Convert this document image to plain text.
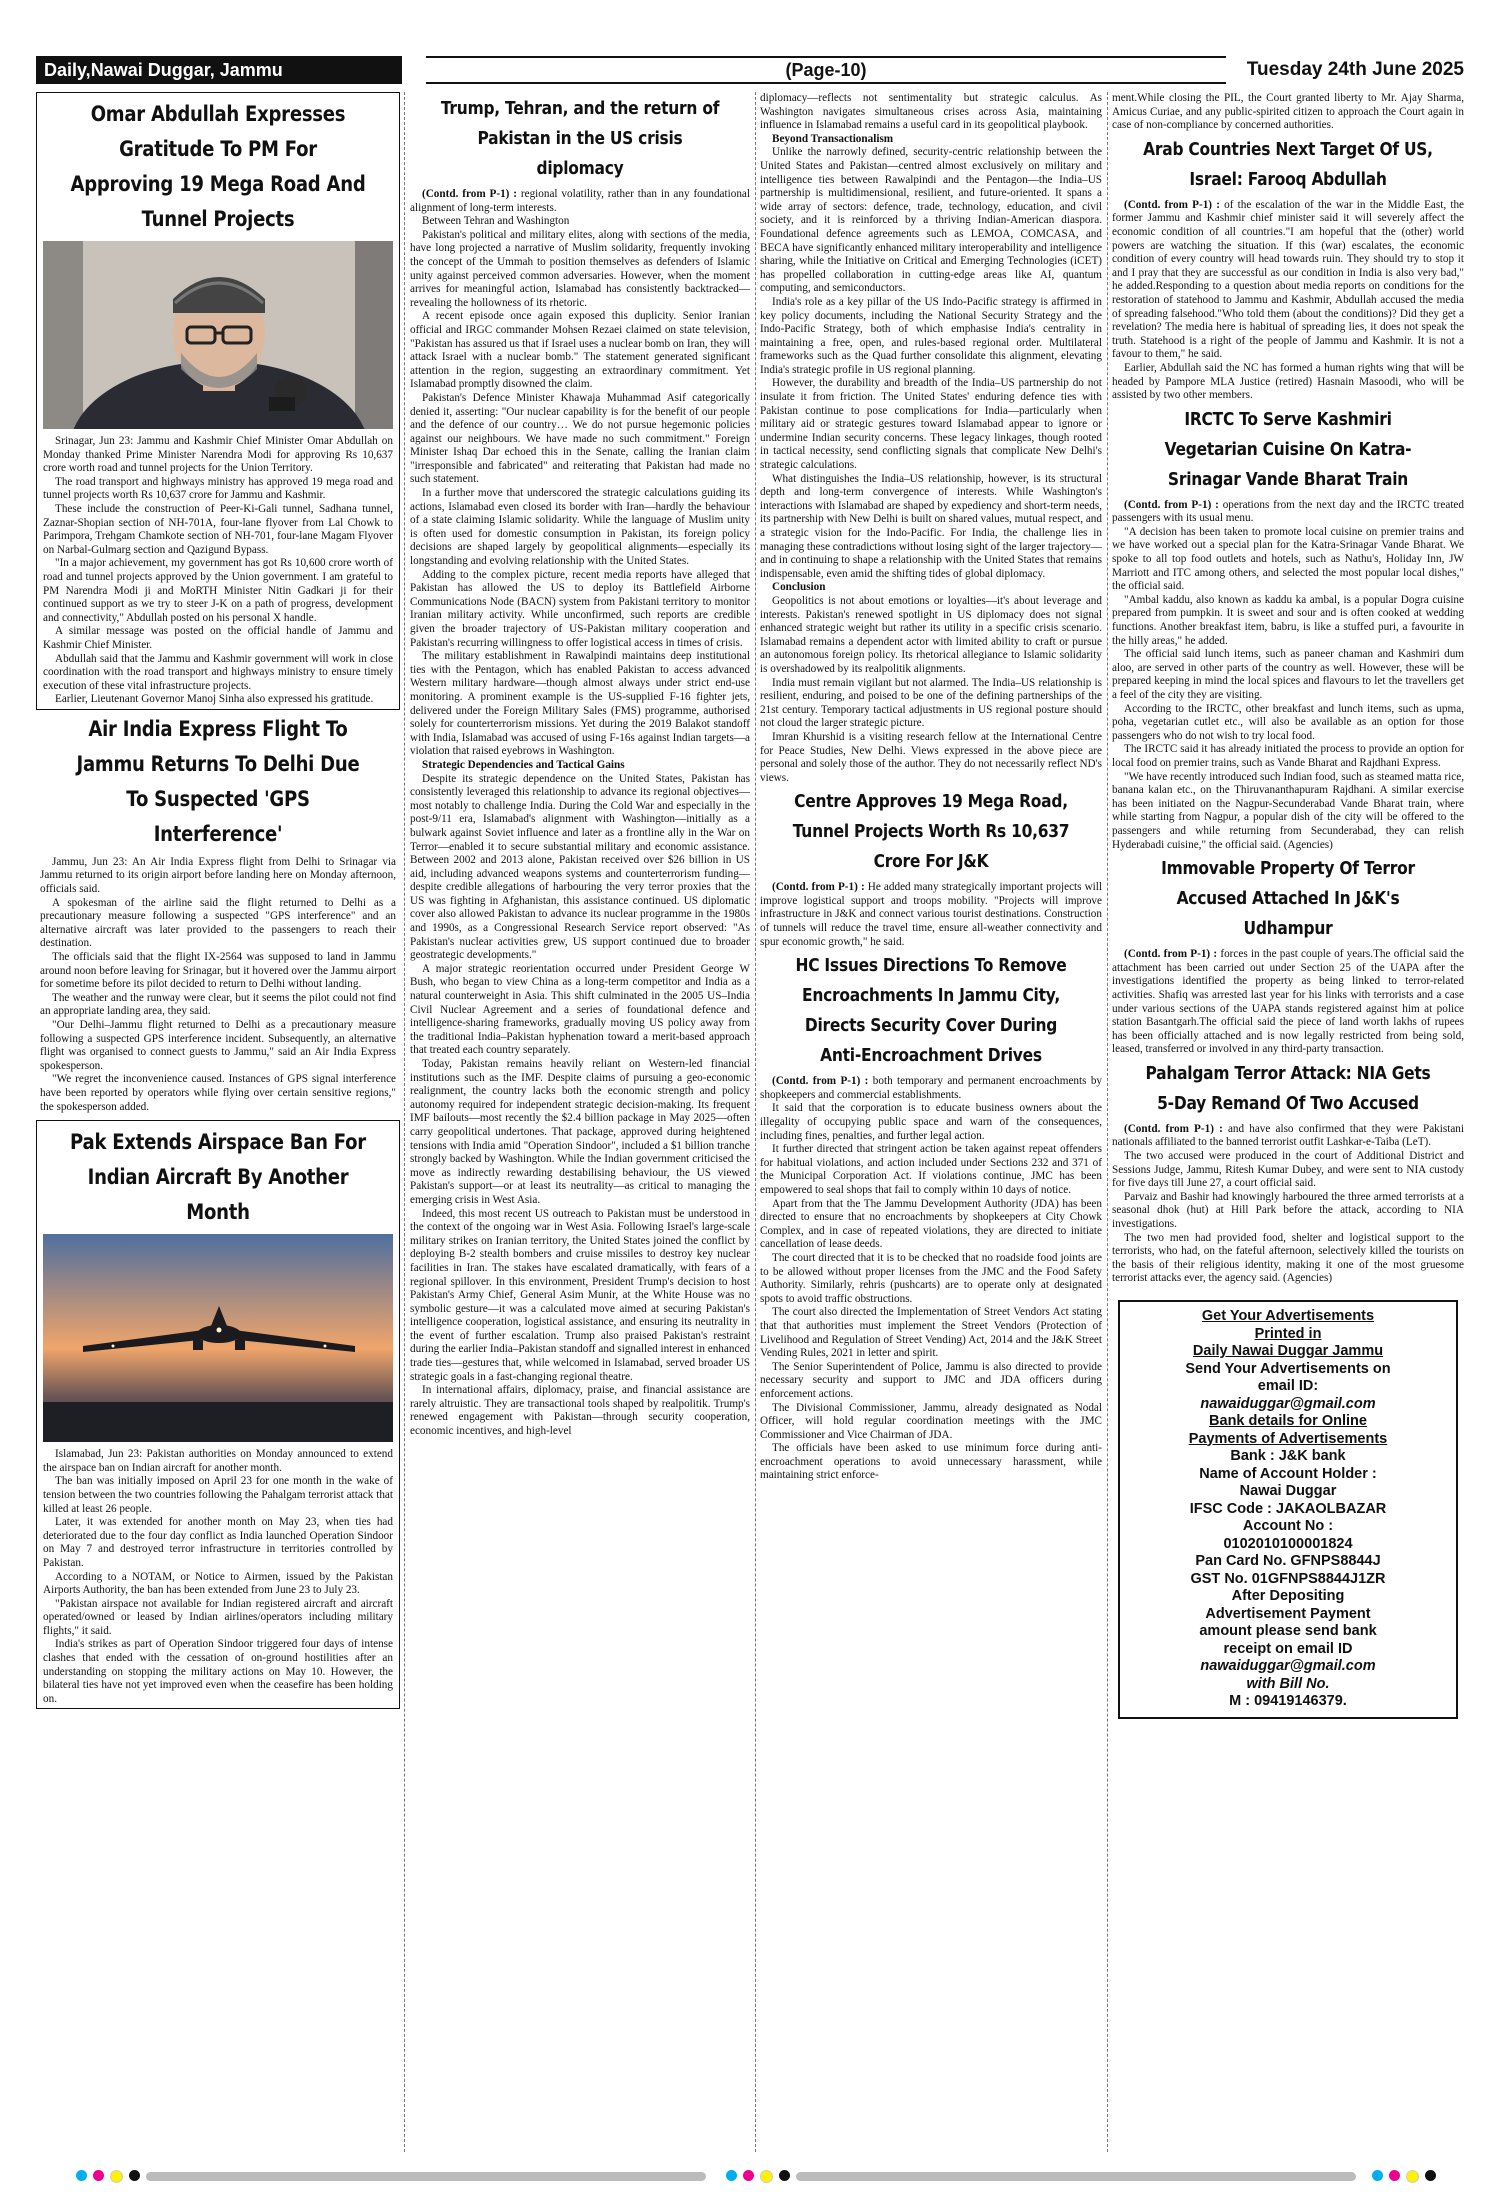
Daily,Nawai Duggar, Jammu	(Page-10)	Tuesday 24th June 2025
Omar Abdullah Expresses Gratitude To PM For Approving 19 Mega Road And Tunnel Projects

Srinagar, Jun 23: Jammu and Kashmir Chief Minister Omar Abdullah on Monday thanked Prime Minister Narendra Modi for approving Rs 10,637 crore worth road and tunnel projects for the Union Territory.

The road transport and highways ministry has approved 19 mega road and tunnel projects worth Rs 10,637 crore for Jammu and Kashmir.

These include the construction of Peer-Ki-Gali tunnel, Sadhana tunnel, Zaznar-Shopian section of NH-701A, four-lane flyover from Lal Chowk to Parimpora, Trehgam Chamkote section of NH-701, four-lane Magam Flyover on Narbal-Gulmarg section and Qazigund Bypass.

"In a major achievement, my government has got Rs 10,600 crore worth of road and tunnel projects approved by the Union government. I am grateful to PM Narendra Modi ji and MoRTH Minister Nitin Gadkari ji for their continued support as we try to steer J-K on a path of progress, development and connectivity," Abdullah posted on his personal X handle.

A similar message was posted on the official handle of Jammu and Kashmir Chief Minister.

Abdullah said that the Jammu and Kashmir government will work in close coordination with the road transport and highways ministry to ensure timely execution of these vital infrastructure projects.

Earlier, Lieutenant Governor Manoj Sinha also expressed his gratitude.

Air India Express Flight To Jammu Returns To Delhi Due To Suspected 'GPS Interference'

Jammu, Jun 23: An Air India Express flight from Delhi to Srinagar via Jammu returned to its origin airport before landing here on Monday afternoon, officials said.

A spokesman of the airline said the flight returned to Delhi as a precautionary measure following a suspected "GPS interference" and an alternative aircraft was later provided to the passengers to reach their destination.

The officials said that the flight IX-2564 was supposed to land in Jammu around noon before leaving for Srinagar, but it hovered over the Jammu airport for sometime before its pilot decided to return to Delhi without landing.

The weather and the runway were clear, but it seems the pilot could not find an appropriate landing area, they said.

"Our Delhi–Jammu flight returned to Delhi as a precautionary measure following a suspected GPS interference incident. Subsequently, an alternative flight was organised to connect guests to Jammu," said an Air India Express spokesperson.

"We regret the inconvenience caused. Instances of GPS signal interference have been reported by operators while flying over certain sensitive regions," the spokesperson added.

Pak Extends Airspace Ban For Indian Aircraft By Another Month

Islamabad, Jun 23: Pakistan authorities on Monday announced to extend the airspace ban on Indian aircraft for another month.

The ban was initially imposed on April 23 for one month in the wake of tension between the two countries following the Pahalgam terrorist attack that killed at least 26 people.

Later, it was extended for another month on May 23, when ties had deteriorated due to the four day conflict as India launched Operation Sindoor on May 7 and destroyed terror infrastructure in territories controlled by Pakistan.

According to a NOTAM, or Notice to Airmen, issued by the Pakistan Airports Authority, the ban has been extended from June 23 to July 23.

"Pakistan airspace not available for Indian registered aircraft and aircraft operated/owned or leased by Indian airlines/operators including military flights," it said.

India's strikes as part of Operation Sindoor triggered four days of intense clashes that ended with the cessation of on-ground hostilities after an understanding on stopping the military actions on May 10. However, the bilateral ties have not yet improved even when the ceasefire has been holding on.

Trump, Tehran, and the return of Pakistan in the US crisis diplomacy

(Contd. from P-1) : regional volatility, rather than in any foundational alignment of long-term interests.

Between Tehran and Washington

Pakistan's political and military elites, along with sections of the media, have long projected a narrative of Muslim solidarity, frequently invoking the concept of the Ummah to position themselves as defenders of Islamic unity against perceived common adversaries. However, when the moment arrives for meaningful action, Islamabad has consistently backtracked—revealing the hollowness of its rhetoric.

A recent episode once again exposed this duplicity. Senior Iranian official and IRGC commander Mohsen Rezaei claimed on state television, "Pakistan has assured us that if Israel uses a nuclear bomb on Iran, they will attack Israel with a nuclear bomb." The statement generated significant attention in the region, suggesting an extraordinary commitment. Yet Islamabad promptly disowned the claim.

Pakistan's Defence Minister Khawaja Muhammad Asif categorically denied it, asserting: "Our nuclear capability is for the benefit of our people and the defence of our country… We do not pursue hegemonic policies against our neighbours. We have made no such commitment." Foreign Minister Ishaq Dar echoed this in the Senate, calling the Iranian claim "irresponsible and fabricated" and reiterating that Pakistan had made no such statement.

In a further move that underscored the strategic calculations guiding its actions, Islamabad even closed its border with Iran—hardly the behaviour of a state claiming Islamic solidarity. While the language of Muslim unity is often used for domestic consumption in Pakistan, its foreign policy decisions are shaped largely by geopolitical alignments—especially its longstanding and evolving relationship with the United States.

Adding to the complex picture, recent media reports have alleged that Pakistan has allowed the US to deploy its Battlefield Airborne Communications Node (BACN) system from Pakistani territory to monitor Iranian military activity. While unconfirmed, such reports are credible given the broader trajectory of US-Pakistan military cooperation and Pakistan's recurring willingness to offer logistical access in times of crisis.

The military establishment in Rawalpindi maintains deep institutional ties with the Pentagon, which has enabled Pakistan to access advanced Western military hardware—though almost always under strict end-use monitoring. A prominent example is the US-supplied F-16 fighter jets, delivered under the Foreign Military Sales (FMS) programme, authorised solely for counterterrorism missions. Yet during the 2019 Balakot standoff with India, Islamabad was accused of using F-16s against Indian targets—a violation that raised eyebrows in Washington.

Strategic Dependencies and Tactical Gains

Despite its strategic dependence on the United States, Pakistan has consistently leveraged this relationship to advance its regional objectives—most notably to challenge India. During the Cold War and especially in the post-9/11 era, Islamabad's alignment with Washington—initially as a bulwark against Soviet influence and later as a frontline ally in the War on Terror—enabled it to secure substantial military and economic assistance. Between 2002 and 2013 alone, Pakistan received over $26 billion in US aid, including advanced weapons systems and counterterrorism funding—despite credible allegations of harbouring the very terror proxies that the US was fighting in Afghanistan, this assistance continued. US diplomatic cover also allowed Pakistan to advance its nuclear programme in the 1980s and 1990s, as a Congressional Research Service report observed: "As Pakistan's nuclear activities grew, US support continued due to broader geostrategic developments."

A major strategic reorientation occurred under President George W Bush, who began to view China as a long-term competitor and India as a natural counterweight in Asia. This shift culminated in the 2005 US–India Civil Nuclear Agreement and a series of foundational defence and intelligence-sharing frameworks, gradually moving US policy away from the traditional India–Pakistan hyphenation toward a merit-based approach that treated each country separately.

Today, Pakistan remains heavily reliant on Western-led financial institutions such as the IMF. Despite claims of pursuing a geo-economic realignment, the country lacks both the economic strength and policy autonomy required for independent strategic decision-making. Its frequent IMF bailouts—most recently the $2.4 billion package in May 2025—often carry geopolitical undertones. That package, approved during heightened tensions with India amid "Operation Sindoor", included a $1 billion tranche strongly backed by Washington. While the Indian government criticised the move as indirectly rewarding destabilising behaviour, the US viewed Pakistan's support—or at least its neutrality—as critical to managing the emerging crisis in West Asia.

Indeed, this most recent US outreach to Pakistan must be understood in the context of the ongoing war in West Asia. Following Israel's large-scale military strikes on Iranian territory, the United States joined the conflict by deploying B-2 stealth bombers and cruise missiles to destroy key nuclear facilities in Iran. The stakes have escalated dramatically, with fears of a regional spillover. In this environment, President Trump's decision to host Pakistan's Army Chief, General Asim Munir, at the White House was no symbolic gesture—it was a calculated move aimed at securing Pakistan's intelligence cooperation, logistical assistance, and ensuring its neutrality in the event of further escalation. Trump also praised Pakistan's restraint during the earlier India–Pakistan standoff and signalled interest in enhanced trade ties—gestures that, while welcomed in Islamabad, served broader US strategic goals in a fast-changing regional theatre.

In international affairs, diplomacy, praise, and financial assistance are rarely altruistic. They are transactional tools shaped by realpolitik. Trump's renewed engagement with Pakistan—through security cooperation, economic incentives, and high-level

diplomacy—reflects not sentimentality but strategic calculus. As Washington navigates simultaneous crises across Asia, maintaining influence in Islamabad remains a useful card in its geopolitical playbook.

Beyond Transactionalism

Unlike the narrowly defined, security-centric relationship between the United States and Pakistan—centred almost exclusively on military and intelligence ties between Rawalpindi and the Pentagon—the India–US partnership is multidimensional, resilient, and future-oriented. It spans a wide array of sectors: defence, trade, technology, education, and civil society, and it is reinforced by a thriving Indian-American diaspora. Foundational defence agreements such as LEMOA, COMCASA, and BECA have significantly enhanced military interoperability and intelligence sharing, while the Initiative on Critical and Emerging Technologies (iCET) has propelled collaboration in cutting-edge areas like AI, quantum computing, and semiconductors.

India's role as a key pillar of the US Indo-Pacific strategy is affirmed in key policy documents, including the National Security Strategy and the Indo-Pacific Strategy, both of which emphasise India's centrality in maintaining a free, open, and rules-based regional order. Multilateral frameworks such as the Quad further consolidate this alignment, elevating India's strategic profile in US regional planning.

However, the durability and breadth of the India–US partnership do not insulate it from friction. The United States' enduring defence ties with Pakistan continue to pose complications for India—particularly when military aid or strategic gestures toward Islamabad appear to ignore or undermine Indian security concerns. These legacy linkages, though rooted in tactical necessity, send conflicting signals that complicate New Delhi's strategic calculations.

What distinguishes the India–US relationship, however, is its structural depth and long-term convergence of interests. While Washington's interactions with Islamabad are shaped by expediency and short-term needs, its partnership with New Delhi is built on shared values, mutual respect, and a strategic vision for the Indo-Pacific. For India, the challenge lies in managing these contradictions without losing sight of the larger trajectory—and in continuing to shape a relationship with the United States that remains indispensable, even amid the shifting tides of global diplomacy.

Conclusion

Geopolitics is not about emotions or loyalties—it's about leverage and interests. Pakistan's renewed spotlight in US diplomacy does not signal enhanced strategic weight but rather its utility in a specific crisis scenario. Islamabad remains a dependent actor with limited ability to craft or pursue an autonomous foreign policy. Its rhetorical allegiance to Islamic solidarity is overshadowed by its realpolitik alignments.

India must remain vigilant but not alarmed. The India–US relationship is resilient, enduring, and poised to be one of the defining partnerships of the 21st century. Temporary tactical adjustments in US regional posture should not cloud the larger strategic picture.

Imran Khurshid is a visiting research fellow at the International Centre for Peace Studies, New Delhi. Views expressed in the above piece are personal and solely those of the author. They do not necessarily reflect ND's views.

Centre Approves 19 Mega Road, Tunnel Projects Worth Rs 10,637 Crore For J&K

(Contd. from P-1) : He added many strategically important projects will improve logistical support and troops mobility. "Projects will improve infrastructure in J&K and connect various tourist destinations. Construction of tunnels will reduce the travel time, ensure all-weather connectivity and spur economic growth," he said.

HC Issues Directions To Remove Encroachments In Jammu City, Directs Security Cover During Anti-Encroachment Drives

(Contd. from P-1) : both temporary and permanent encroachments by shopkeepers and commercial establishments.

It said that the corporation is to educate business owners about the illegality of occupying public space and warn of the consequences, including fines, penalties, and further legal action.

It further directed that stringent action be taken against repeat offenders for habitual violations, and action included under Sections 232 and 371 of the Municipal Corporation Act. If violations continue, JMC has been empowered to seal shops that fail to comply within 10 days of notice.

Apart from that the The Jammu Development Authority (JDA) has been directed to ensure that no encroachments by shopkeepers at City Chowk Complex, and in case of repeated violations, they are directed to initiate cancellation of lease deeds.

The court directed that it is to be checked that no roadside food joints are to be allowed without proper licenses from the JMC and the Food Safety Authority. Similarly, rehris (pushcarts) are to operate only at designated spots to avoid traffic obstructions.

The court also directed the Implementation of Street Vendors Act stating that that authorities must implement the Street Vendors (Protection of Livelihood and Regulation of Street Vending) Act, 2014 and the J&K Street Vending Rules, 2021 in letter and spirit.

The Senior Superintendent of Police, Jammu is also directed to provide necessary security and support to JMC and JDA officers during enforcement actions.

The Divisional Commissioner, Jammu, already designated as Nodal Officer, will hold regular coordination meetings with the JMC Commissioner and Vice Chairman of JDA.

The officials have been asked to use minimum force during anti-encroachment operations to avoid unnecessary harassment, while maintaining strict enforce-

ment.While closing the PIL, the Court granted liberty to Mr. Ajay Sharma, Amicus Curiae, and any public-spirited citizen to approach the Court again in case of non-compliance by concerned authorities.

Arab Countries Next Target Of US, Israel: Farooq Abdullah

(Contd. from P-1) : of the escalation of the war in the Middle East, the former Jammu and Kashmir chief minister said it will severely affect the economic condition of all countries."I am hopeful that the (other) world powers are watching the situation. If this (war) escalates, the economic condition of every country will head towards ruin. They should try to stop it and I pray that they are successful as our condition in India is also very bad," he added.Responding to a question about media reports on conditions for the restoration of statehood to Jammu and Kashmir, Abdullah accused the media of spreading falsehood."Who told them (about the conditions)? Did they get a revelation? The media here is habitual of spreading lies, it does not speak the truth. Statehood is a right of the people of Jammu and Kashmir. It is not a favour to them," he said.

Earlier, Abdullah said the NC has formed a human rights wing that will be headed by Pampore MLA Justice (retired) Hasnain Masoodi, who will be assisted by two other members.

IRCTC To Serve Kashmiri Vegetarian Cuisine On Katra-Srinagar Vande Bharat Train

(Contd. from P-1) : operations from the next day and the IRCTC treated passengers with its usual menu.

"A decision has been taken to promote local cuisine on premier trains and we have worked out a special plan for the Katra-Srinagar Vande Bharat. We spoke to all top food outlets and hotels, such as Nathu's, Holiday Inn, JW Marriott and ITC among others, and selected the most popular local dishes," the official said.

"Ambal kaddu, also known as kaddu ka ambal, is a popular Dogra cuisine prepared from pumpkin. It is sweet and sour and is often cooked at wedding functions. Another breakfast item, babru, is like a stuffed puri, a favourite in the hilly areas," he added.

The official said lunch items, such as paneer chaman and Kashmiri dum aloo, are served in other parts of the country as well. However, these will be prepared keeping in mind the local spices and flavours to let the travellers get a feel of the city they are visiting.

According to the IRCTC, other breakfast and lunch items, such as upma, poha, vegetarian cutlet etc., will also be available as an option for those passengers who do not wish to try local food.

The IRCTC said it has already initiated the process to provide an option for local food on premier trains, such as Vande Bharat and Rajdhani Express.

"We have recently introduced such Indian food, such as steamed matta rice, banana kalan etc., on the Thiruvananthapuram Rajdhani. A similar exercise has been initiated on the Nagpur-Secunderabad Vande Bharat train, where while starting from Nagpur, a popular dish of the city will be offered to the passengers and while returning from Secunderabad, they can relish Hyderabadi cuisine," the official said. (Agencies)

Immovable Property Of Terror Accused Attached In J&K's Udhampur

(Contd. from P-1) : forces in the past couple of years.The official said the attachment has been carried out under Section 25 of the UAPA after the investigations identified the property as being linked to terror-related activities. Shafiq was arrested last year for his links with terrorists and a case under various sections of the UAPA stands registered against him at police station Basantgarh.The official said the piece of land worth lakhs of rupees has been officially attached and is now legally restricted from being sold, leased, transferred or involved in any third-party transaction.

Pahalgam Terror Attack: NIA Gets 5-Day Remand Of Two Accused

(Contd. from P-1) : and have also confirmed that they were Pakistani nationals affiliated to the banned terrorist outfit Lashkar-e-Taiba (LeT).

The two accused were produced in the court of Additional District and Sessions Judge, Jammu, Ritesh Kumar Dubey, and were sent to NIA custody for five days till June 27, a court official said.

Parvaiz and Bashir had knowingly harboured the three armed terrorists at a seasonal dhok (hut) at Hill Park before the attack, according to NIA investigations.

The two men had provided food, shelter and logistical support to the terrorists, who had, on the fateful afternoon, selectively killed the tourists on the basis of their religious identity, making it one of the most gruesome terrorist attacks ever, the agency said. (Agencies)

Get Your Advertisements
Printed in
Daily Nawai Duggar Jammu
Send Your Advertisements on
email ID:
nawaiduggar@gmail.com
Bank details for Online
Payments of Advertisements
Bank : J&K bank
Name of Account Holder :
Nawai Duggar
IFSC Code : JAKAOLBAZAR
Account No :
0102010100001824
Pan Card No. GFNPS8844J
GST No. 01GFNPS8844J1ZR
After Depositing
Advertisement Payment
amount please send bank
receipt on email ID
nawaiduggar@gmail.com
with Bill No.
M : 09419146379.
